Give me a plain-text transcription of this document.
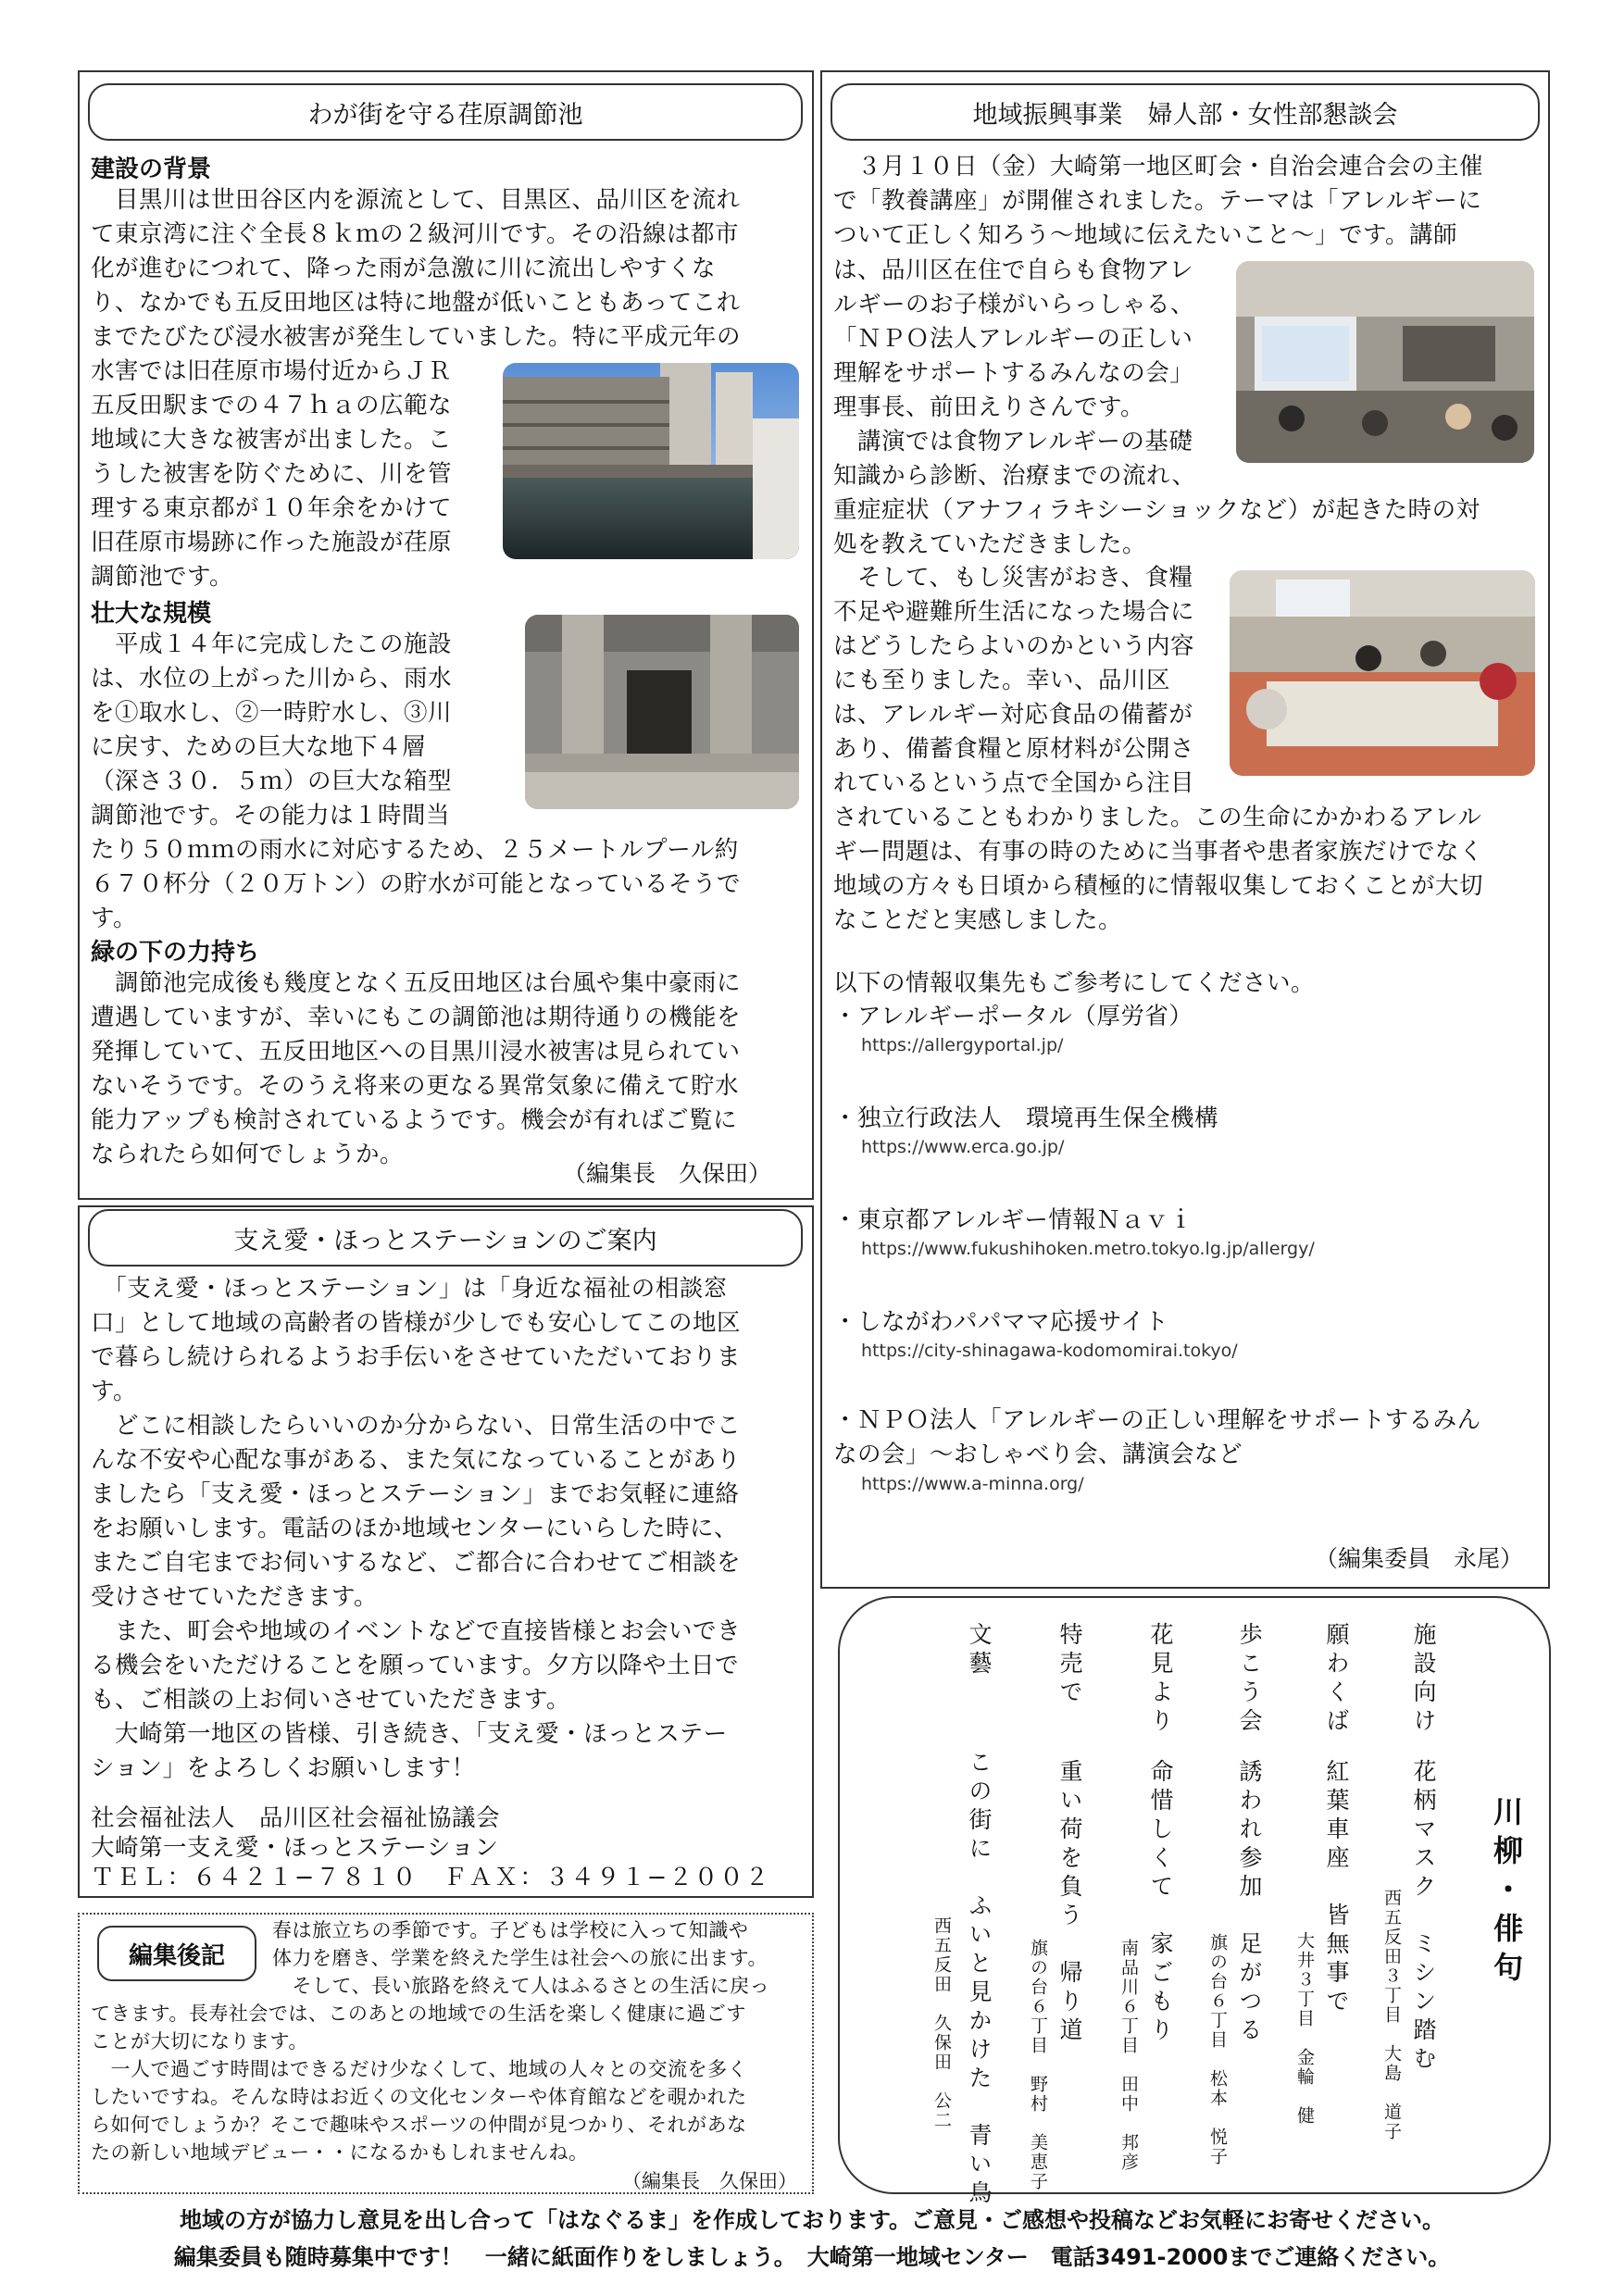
わが街を守る荏原調節池

建設の背景

　目黒川は世田谷区内を源流として、目黒区、品川区を流れ
て東京湾に注ぐ全長８ｋｍの２級河川です。その沿線は都市
化が進むにつれて、降った雨が急激に川に流出しやすくな
り、なかでも五反田地区は特に地盤が低いこともあってこれ
までたびたび浸水被害が発生していました。特に平成元年の
水害では旧荏原市場付近からＪＲ
五反田駅までの４７ｈａの広範な
地域に大きな被害が出ました。こ
うした被害を防ぐために、川を管
理する東京都が１０年余をかけて
旧荏原市場跡に作った施設が荏原
調節池です。

壮大な規模

　平成１４年に完成したこの施設
は、水位の上がった川から、雨水
を①取水し、②一時貯水し、③川
に戻す、ための巨大な地下４層
（深さ３０．５ｍ）の巨大な箱型
調節池です。その能力は１時間当
たり５０ｍｍの雨水に対応するため、２５メートルプール約
６７０杯分（２０万トン）の貯水が可能となっているそうで
す。

緑の下の力持ち

　調節池完成後も幾度となく五反田地区は台風や集中豪雨に
遭遇していますが、幸いにもこの調節池は期待通りの機能を
発揮していて、五反田地区への目黒川浸水被害は見られてい
ないそうです。そのうえ将来の更なる異常気象に備えて貯水
能力アップも検討されているようです。機会が有ればご覧に
なられたら如何でしょうか。
（編集長　久保田）
支え愛・ほっとステーションのご案内
　「支え愛・ほっとステーション」は「身近な福祉の相談窓
口」として地域の高齢者の皆様が少しでも安心してこの地区
で暮らし続けられるようお手伝いをさせていただいておりま
す。
　どこに相談したらいいのか分からない、日常生活の中でこ
んな不安や心配な事がある、また気になっていることがあり
ましたら「支え愛・ほっとステーション」までお気軽に連絡
をお願いします。電話のほか地域センターにいらした時に、
またご自宅までお伺いするなど、ご都合に合わせてご相談を
受けさせていただきます。
　また、町会や地域のイベントなどで直接皆様とお会いでき
る機会をいただけることを願っています。夕方以降や土日で
も、ご相談の上お伺いさせていただきます。
　大崎第一地区の皆様、引き続き、「支え愛・ほっとステー
ション」をよろしくお願いします！
社会福祉法人　品川区社会福祉協議会
大崎第一支え愛・ほっとステーション
ＴＥＬ：６４２１−７８１０　ＦＡＸ：３４９１−２００２
編集後記
春は旅立ちの季節です。子どもは学校に入って知識や
体力を磨き、学業を終えた学生は社会への旅に出ます。
　そして、長い旅路を終えて人はふるさとの生活に戻っ
てきます。長寿社会では、このあとの地域での生活を楽しく健康に過ごす
ことが大切になります。
　一人で過ごす時間はできるだけ少なくして、地域の人々との交流を多く
したいですね。そんな時はお近くの文化センターや体育館などを覗かれた
ら如何でしょうか？そこで趣味やスポーツの仲間が見つかり、それがあな
たの新しい地域デビュー・・になるかもしれませんね。
（編集長　久保田）
地域振興事業　婦人部・女性部懇談会
　３月１０日（金）大崎第一地区町会・自治会連合会の主催
で「教養講座」が開催されました。テーマは「アレルギーに
ついて正しく知ろう〜地域に伝えたいこと〜」です。講師
は、品川区在住で自らも食物アレ
ルギーのお子様がいらっしゃる、
「ＮＰＯ法人アレルギーの正しい
理解をサポートするみんなの会」
理事長、前田えりさんです。
　講演では食物アレルギーの基礎
知識から診断、治療までの流れ、
重症症状（アナフィラキシーショックなど）が起きた時の対
処を教えていただきました。
　そして、もし災害がおき、食糧
不足や避難所生活になった場合に
はどうしたらよいのかという内容
にも至りました。幸い、品川区
は、アレルギー対応食品の備蓄が
あり、備蓄食糧と原材料が公開さ
れているという点で全国から注目
されていることもわかりました。この生命にかかわるアレル
ギー問題は、有事の時のために当事者や患者家族だけでなく
地域の方々も日頃から積極的に情報収集しておくことが大切
なことだと実感しました。
以下の情報収集先もご参考にしてください。
・アレルギーポータル（厚労省）
https://allergyportal.jp/
・独立行政法人　環境再生保全機構
https://www.erca.go.jp/
・東京都アレルギー情報Ｎａｖｉ
https://www.fukushihoken.metro.tokyo.lg.jp/allergy/
・しながわパパママ応援サイト
https://city-shinagawa-kodomomirai.tokyo/
・ＮＰＯ法人「アレルギーの正しい理解をサポートするみん
なの会」〜おしゃべり会、講演会など
https://www.a-minna.org/
（編集委員　永尾）
川柳・俳句
施設向け
花柄マスク　ミシン踏む
西五反田３丁目　大島　道子
願わくば
紅葉車座　皆無事で
大井３丁目　金輪　健
歩こう会
誘われ参加　足がつる
旗の台６丁目　松本　悦子
花見より
命惜しくて　家ごもり
南品川６丁目　田中　邦彦
特売で
重い荷を負う　帰り道
旗の台６丁目　野村　美恵子
文藝
この街に　ふいと見かけた　青い鳥
西五反田　久保田　公二
地域の方が協力し意見を出し合って「はなぐるま」を作成しております。ご意見・ご感想や投稿などお気軽にお寄せください。
編集委員も随時募集中です！　一緒に紙面作りをしましょう。　大崎第一地域センター　電話3491-2000までご連絡ください。
